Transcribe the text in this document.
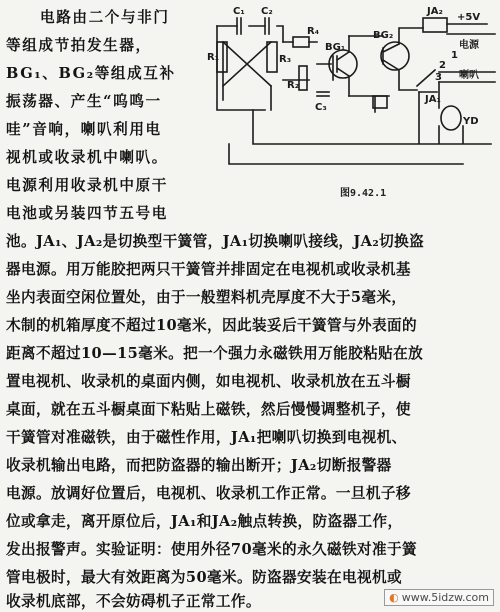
C₁ C₂
R₁	R₃
R₄
R₂
C₃
BG₁
BG₂
JA₂
+5V
电源
1
2
3 喇叭
JA₁
YD
图9.42.1
电路由二个与非门
等组成节拍发生器，
BG₁、BG₂等组成互补
振荡器、产生“呜鸣一
哇”音响，喇叭利用电
视机或收录机中喇叭。
电源利用收录机中原干
电池或另装四节五号电
池。JA₁、JA₂是切换型干簧管，JA₁切换喇叭接线，JA₂切换盗
器电源。用万能胶把两只干簧管并排固定在电视机或收录机基
坐内表面空闲位置处，由于一般塑料机壳厚度不大于5毫米，
木制的机箱厚度不超过10毫米，因此装妥后干簧管与外表面的
距离不超过10—15毫米。把一个强力永磁铁用万能胶粘贴在放
置电视机、收录机的桌面内侧，如电视机、收录机放在五斗橱
桌面，就在五斗橱桌面下粘贴上磁铁，然后慢慢调整机子，使
干簧管对准磁铁，由于磁性作用，JA₁把喇叭切换到电视机、
收录机输出电路，而把防盗器的输出断开；JA₂切断报警器
电源。放调好位置后，电视机、收录机工作正常。一旦机子移
位或拿走，离开原位后，JA₁和JA₂触点转换，防盗器工作，
发出报警声。实验证明：使用外径70毫米的永久磁铁对准于簧
管电极时，最大有效距离为50毫米。防盗器安装在电视机或
收录机底部，不会妨碍机子正常工作。	◐ www.5idzw.com
